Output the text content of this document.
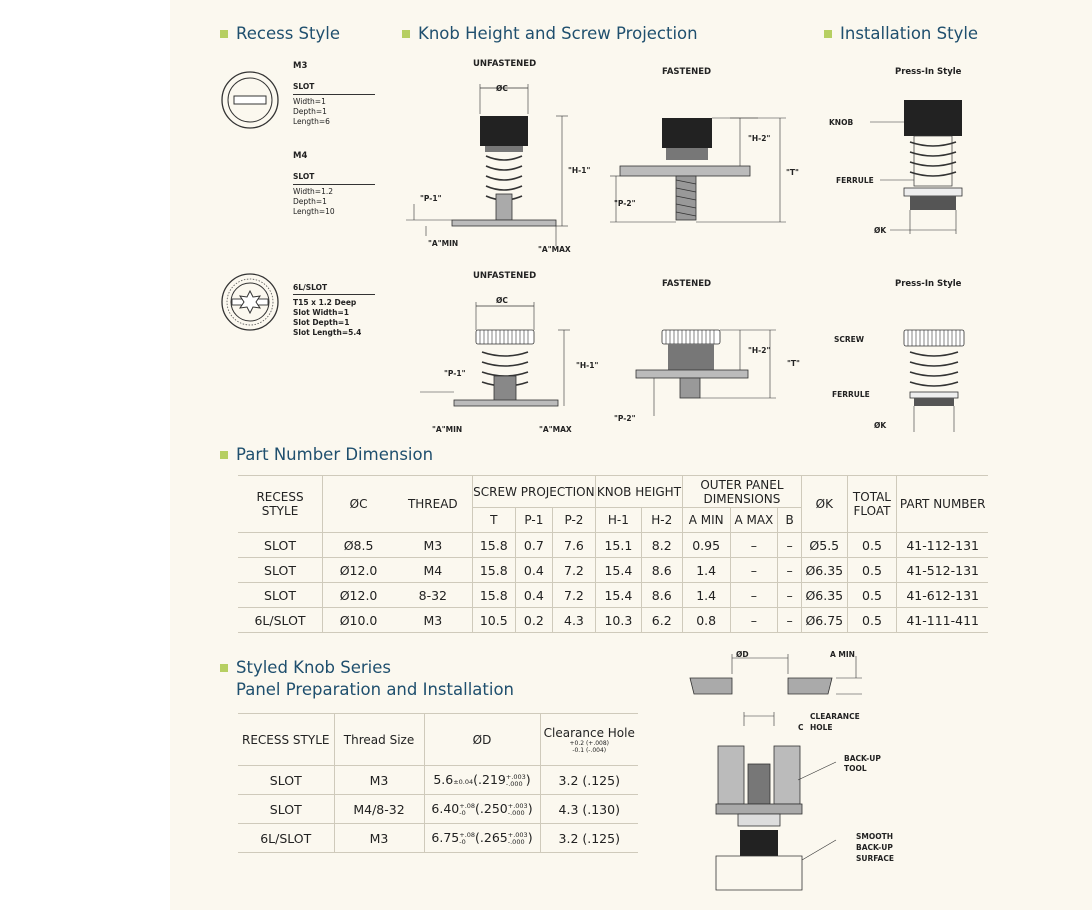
Recess Style	Knob Height and Screw Projection	Installation Style
M3
SLOT
Width=1
Depth=1
Length=6
M4
SLOT
Width=1.2
Depth=1
Length=10
6L/SLOT
T15 x 1.2 Deep
Slot Width=1
Slot Depth=1
Slot Length=5.4
UNFASTENED
FASTENED	Press-In Style
ØC
"H-1"
"P-1"
"A"MIN
"A"MAX
"H-2"
"T"
"P-2"
KNOB
FERRULE
ØK
UNFASTENED
FASTENED	Press-In Style
ØC
"H-1"
"P-1"
"A"MIN	"A"MAX
"H-2"
"T"
"P-2"
SCREW
FERRULE
ØK
Part Number Dimension
RECESS STYLE	ØC	THREAD	SCREW PROJECTION			KNOB HEIGHT		OUTER PANEL DIMENSIONS			ØK	TOTAL FLOAT	PART NUMBER
			T	P-1	P-2	H-1	H-2	A MIN	A MAX	B			
SLOT	Ø8.5	M3	15.8	0.7	7.6	15.1	8.2	0.95	–	–	Ø5.5	0.5	41-112-131
SLOT	Ø12.0	M4	15.8	0.4	7.2	15.4	8.6	1.4	–	–	Ø6.35	0.5	41-512-131
SLOT	Ø12.0	8-32	15.8	0.4	7.2	15.4	8.6	1.4	–	–	Ø6.35	0.5	41-612-131
6L/SLOT	Ø10.0	M3	10.5	0.2	4.3	10.3	6.2	0.8	–	–	Ø6.75	0.5	41-111-411
Styled Knob Series
Panel Preparation and Installation
RECESS STYLE	Thread Size	ØD	Clearance Hole
+0.2 (+.008)
-0.1 (-.004)

SLOT	M3	5.6±0.04(.219+.003
-.000 )	3.2 (.125)
SLOT	M4/8-32	6.40+.08
-0 (.250+.003
-.000 )	4.3 (.130)
6L/SLOT	M3	6.75+.08
-0 (.265+.003
-.000 )	3.2 (.125)
ØD	A MIN
CLEARANCE
C HOLE
BACK-UP
TOOL
SMOOTH
BACK-UP
SURFACE
